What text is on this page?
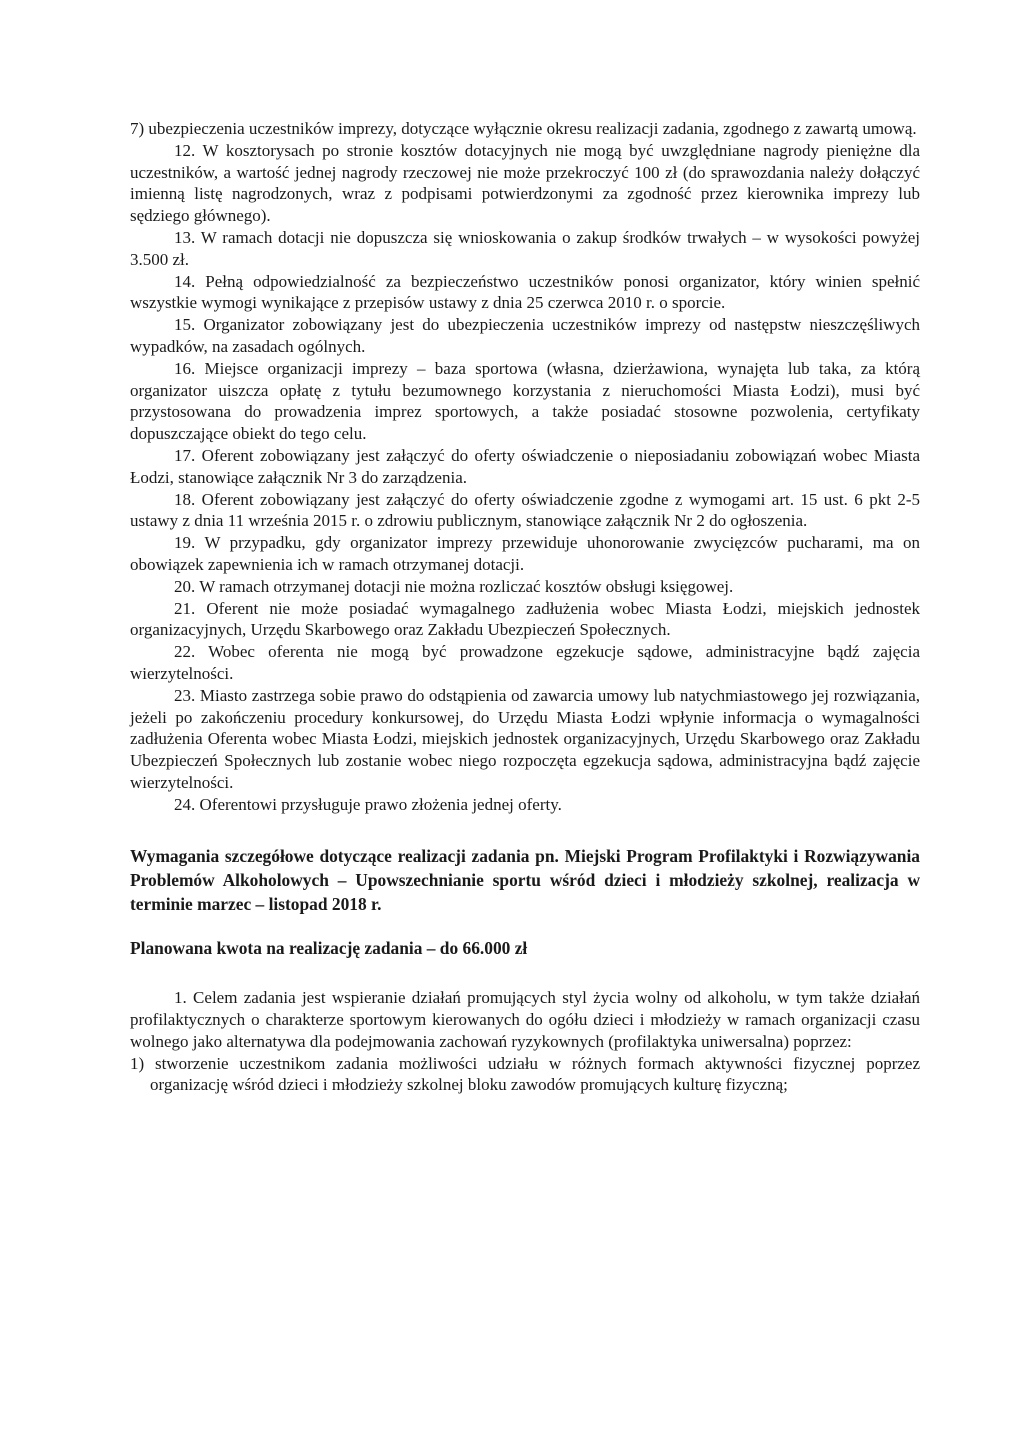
7) ubezpieczenia uczestników imprezy, dotyczące wyłącznie okresu realizacji zadania, zgodnego z zawartą umową.

12. W kosztorysach po stronie kosztów dotacyjnych nie mogą być uwzględniane nagrody pieniężne dla uczestników, a wartość jednej nagrody rzeczowej nie może przekroczyć 100 zł (do sprawozdania należy dołączyć imienną listę nagrodzonych, wraz z podpisami potwierdzonymi za zgodność przez kierownika imprezy lub sędziego głównego).

13. W ramach dotacji nie dopuszcza się wnioskowania o zakup środków trwałych – w wysokości powyżej 3.500 zł.

14. Pełną odpowiedzialność za bezpieczeństwo uczestników ponosi organizator, który winien spełnić wszystkie wymogi wynikające z przepisów ustawy z dnia 25 czerwca 2010 r. o sporcie.

15. Organizator zobowiązany jest do ubezpieczenia uczestników imprezy od następstw nieszczęśliwych wypadków, na zasadach ogólnych.

16. Miejsce organizacji imprezy – baza sportowa (własna, dzierżawiona, wynajęta lub taka, za którą organizator uiszcza opłatę z tytułu bezumownego korzystania z nieruchomości Miasta Łodzi), musi być przystosowana do prowadzenia imprez sportowych, a także posiadać stosowne pozwolenia, certyfikaty dopuszczające obiekt do tego celu.

17. Oferent zobowiązany jest załączyć do oferty oświadczenie o nieposiadaniu zobowiązań wobec Miasta Łodzi, stanowiące załącznik Nr 3 do zarządzenia.

18. Oferent zobowiązany jest załączyć do oferty oświadczenie zgodne z wymogami art. 15 ust. 6 pkt 2-5 ustawy z dnia 11 września 2015 r. o zdrowiu publicznym, stanowiące załącznik Nr 2 do ogłoszenia.

19. W przypadku, gdy organizator imprezy przewiduje uhonorowanie zwycięzców pucharami, ma on obowiązek zapewnienia ich w ramach otrzymanej dotacji.

20. W ramach otrzymanej dotacji nie można rozliczać kosztów obsługi księgowej.

21. Oferent nie może posiadać wymagalnego zadłużenia wobec Miasta Łodzi, miejskich jednostek organizacyjnych, Urzędu Skarbowego oraz Zakładu Ubezpieczeń Społecznych.

22. Wobec oferenta nie mogą być prowadzone egzekucje sądowe, administracyjne bądź zajęcia wierzytelności.

23. Miasto zastrzega sobie prawo do odstąpienia od zawarcia umowy lub natychmiastowego jej rozwiązania, jeżeli po zakończeniu procedury konkursowej, do Urzędu Miasta Łodzi wpłynie informacja o wymagalności zadłużenia Oferenta wobec Miasta Łodzi, miejskich jednostek organizacyjnych, Urzędu Skarbowego oraz Zakładu Ubezpieczeń Społecznych lub zostanie wobec niego rozpoczęta egzekucja sądowa, administracyjna bądź zajęcie wierzytelności.

24. Oferentowi przysługuje prawo złożenia jednej oferty.

Wymagania szczegółowe dotyczące realizacji zadania pn. Miejski Program Profilaktyki i Rozwiązywania Problemów Alkoholowych – Upowszechnianie sportu wśród dzieci i młodzieży szkolnej, realizacja w terminie marzec – listopad 2018 r.

Planowana kwota na realizację zadania – do 66.000 zł

1. Celem zadania jest wspieranie działań promujących styl życia wolny od alkoholu, w tym także działań profilaktycznych o charakterze sportowym kierowanych do ogółu dzieci i młodzieży w ramach organizacji czasu wolnego jako alternatywa dla podejmowania zachowań ryzykownych (profilaktyka uniwersalna) poprzez:

1) stworzenie uczestnikom zadania możliwości udziału w różnych formach aktywności fizycznej poprzez organizację wśród dzieci i młodzieży szkolnej bloku zawodów promujących kulturę fizyczną;
